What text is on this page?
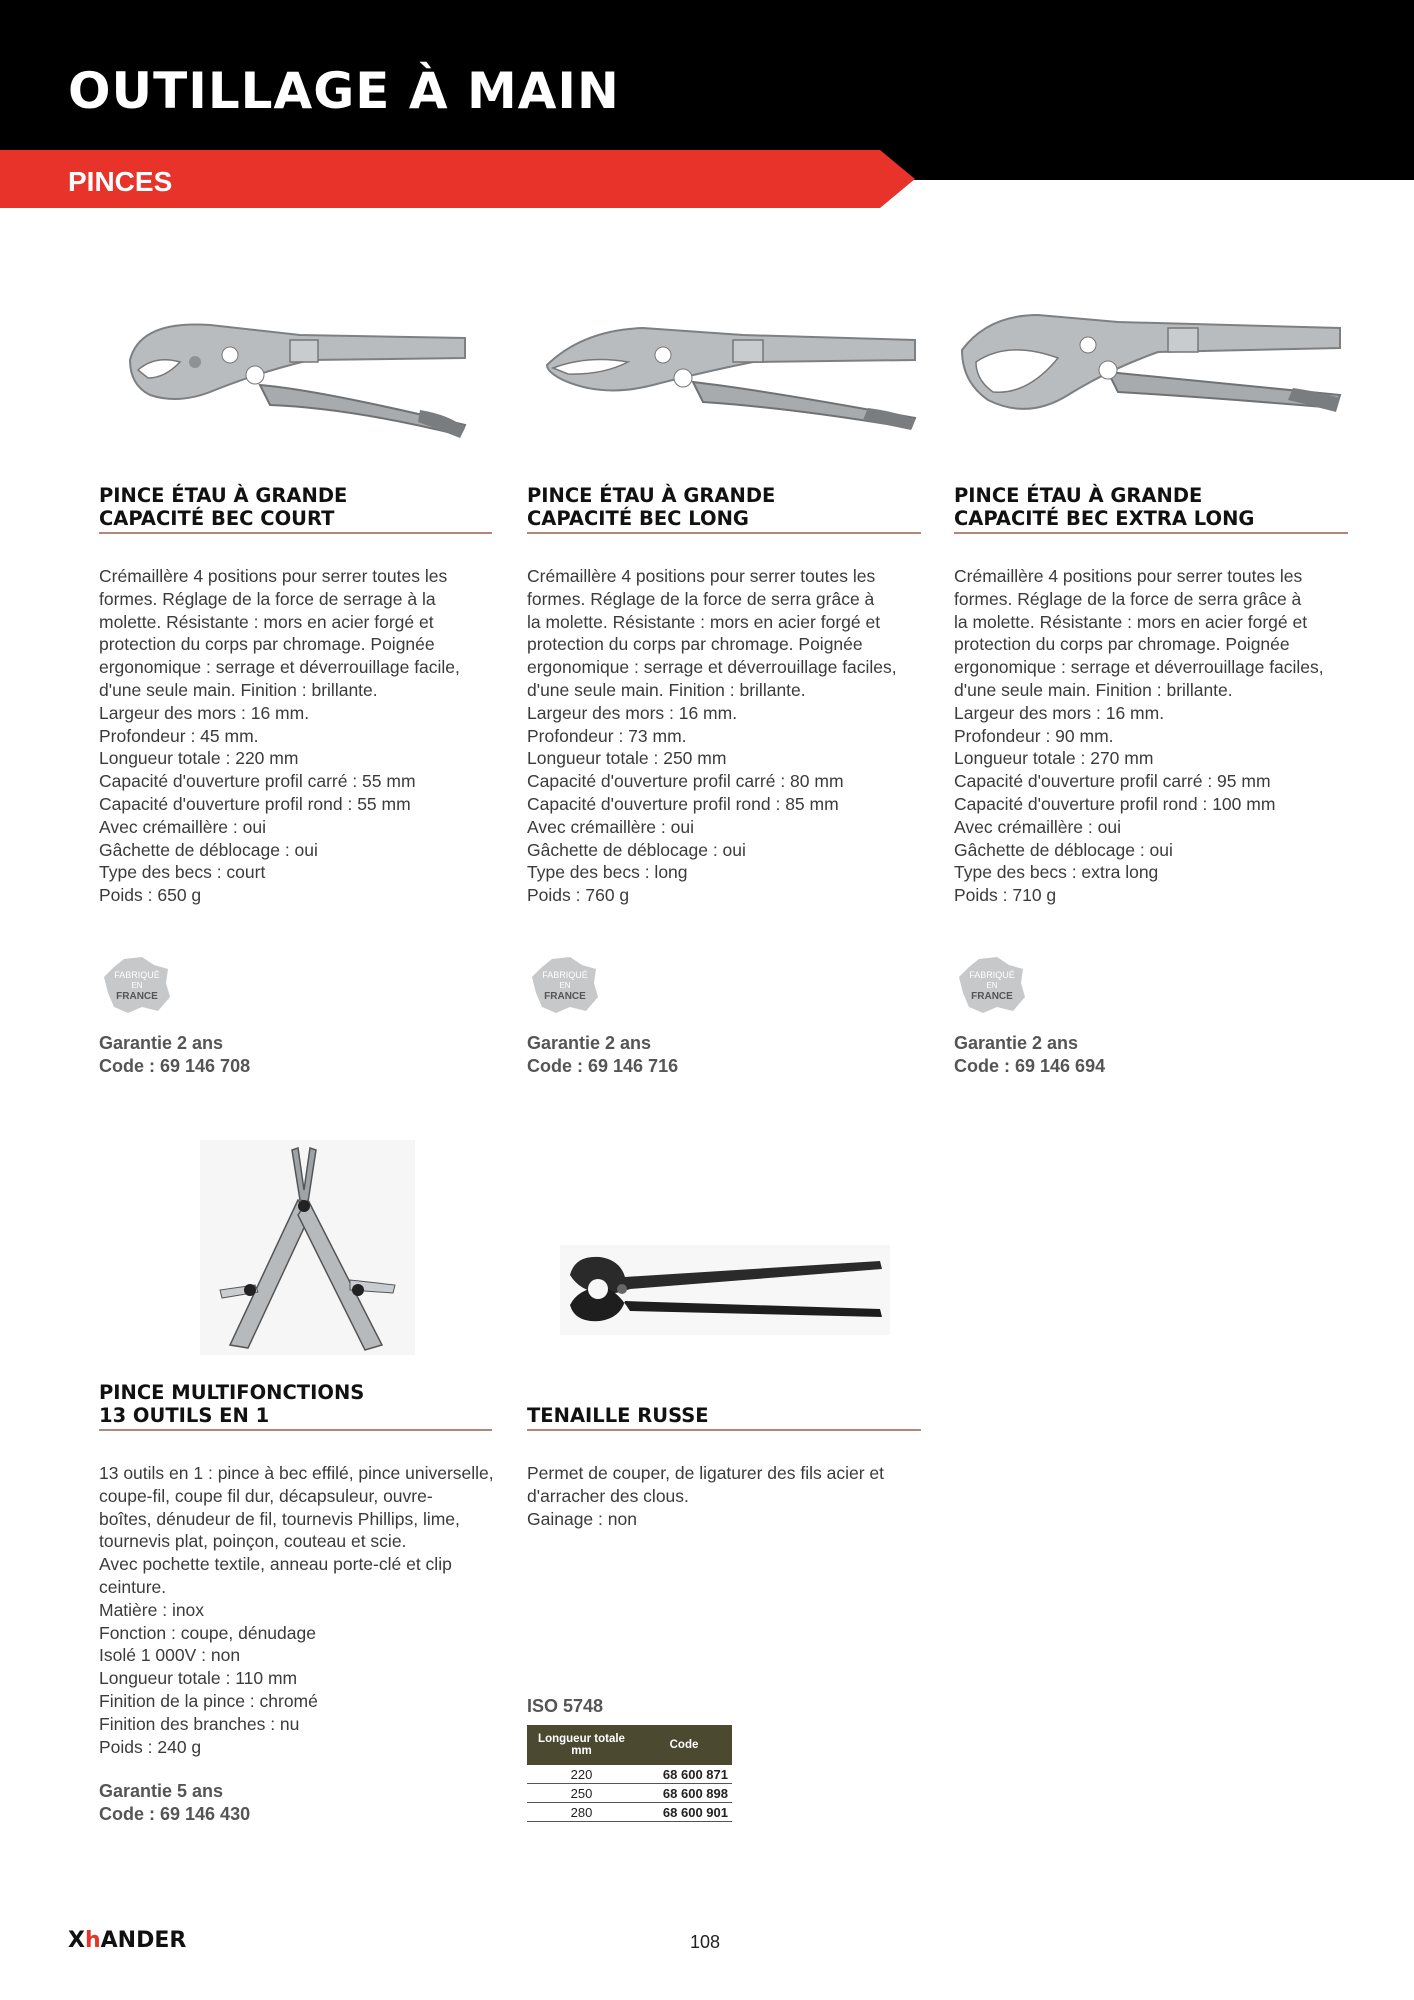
OUTILLAGE À MAIN
PINCES
PINCE ÉTAU À GRANDE
CAPACITÉ BEC COURT

Crémaillère 4 positions pour serrer toutes les
formes. Réglage de la force de serrage à la
molette. Résistante : mors en acier forgé et
protection du corps par chromage. Poignée
ergonomique : serrage et déverrouillage facile,
d'une seule main. Finition : brillante.
Largeur des mors : 16 mm.
Profondeur : 45 mm.
Longueur totale : 220 mm
Capacité d'ouverture profil carré : 55 mm
Capacité d'ouverture profil rond : 55 mm
Avec crémaillère : oui
Gâchette de déblocage : oui
Type des becs : court
Poids : 650 g

FABRIQUÉ
EN
FRANCE

Garantie 2 ans
Code : 69 146 708

PINCE ÉTAU À GRANDE
CAPACITÉ BEC LONG

Crémaillère 4 positions pour serrer toutes les
formes. Réglage de la force de serra grâce à
la molette. Résistante : mors en acier forgé et
protection du corps par chromage. Poignée
ergonomique : serrage et déverrouillage faciles,
d'une seule main. Finition : brillante.
Largeur des mors : 16 mm.
Profondeur : 73 mm.
Longueur totale : 250 mm
Capacité d'ouverture profil carré : 80 mm
Capacité d'ouverture profil rond : 85 mm
Avec crémaillère : oui
Gâchette de déblocage : oui
Type des becs : long
Poids : 760 g

FABRIQUÉ
EN
FRANCE

Garantie 2 ans
Code : 69 146 716

PINCE ÉTAU À GRANDE
CAPACITÉ BEC EXTRA LONG

Crémaillère 4 positions pour serrer toutes les
formes. Réglage de la force de serra grâce à
la molette. Résistante : mors en acier forgé et
protection du corps par chromage. Poignée
ergonomique : serrage et déverrouillage faciles,
d'une seule main. Finition : brillante.
Largeur des mors : 16 mm.
Profondeur : 90 mm.
Longueur totale : 270 mm
Capacité d'ouverture profil carré : 95 mm
Capacité d'ouverture profil rond : 100 mm
Avec crémaillère : oui
Gâchette de déblocage : oui
Type des becs : extra long
Poids : 710 g

FABRIQUÉ
EN
FRANCE

Garantie 2 ans
Code : 69 146 694

PINCE MULTIFONCTIONS
13 OUTILS EN 1

13 outils en 1 : pince à bec effilé, pince universelle,
coupe-fil, coupe fil dur, décapsuleur, ouvre-
boîtes, dénudeur de fil, tournevis Phillips, lime,
tournevis plat, poinçon, couteau et scie.
Avec pochette textile, anneau porte-clé et clip
ceinture.
Matière : inox
Fonction : coupe, dénudage
Isolé 1 000V : non
Longueur totale : 110 mm
Finition de la pince : chromé
Finition des branches : nu
Poids : 240 g

Garantie 5 ans
Code : 69 146 430

TENAILLE RUSSE

Permet de couper, de ligaturer des fils acier et
d'arracher des clous.
Gainage : non

ISO 5748

Longueur totale mm	Code
220	68 600 871
250	68 600 898
280	68 600 901
XhANDER	108
